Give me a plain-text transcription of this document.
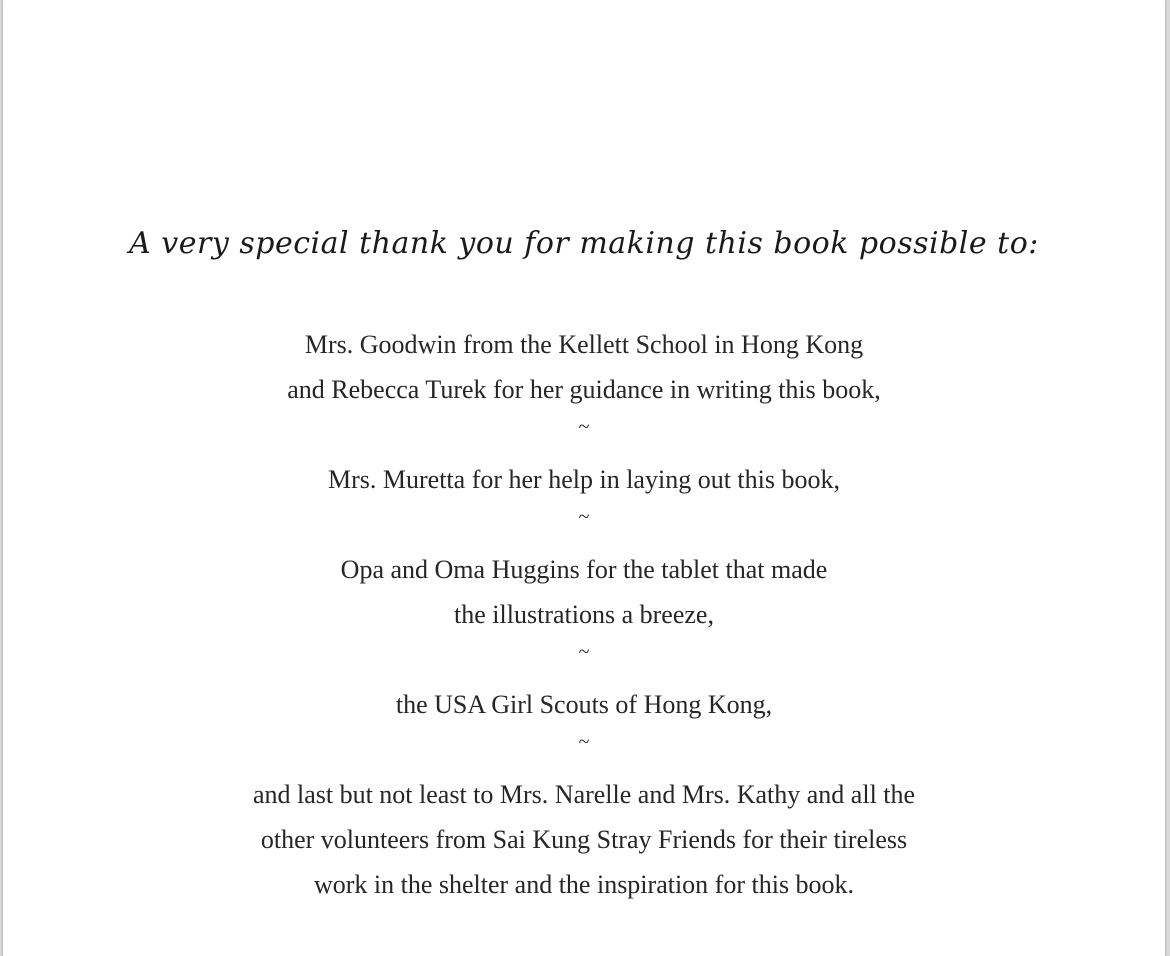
A very special thank you for making this book possible to:
Mrs. Goodwin from the Kellett School in Hong Kong
and Rebecca Turek for her guidance in writing this book,
~
Mrs. Muretta for her help in laying out this book,
~
Opa and Oma Huggins for the tablet that made
the illustrations a breeze,
~
the USA Girl Scouts of Hong Kong,
~
and last but not least to Mrs. Narelle and Mrs. Kathy and all the
other volunteers from Sai Kung Stray Friends for their tireless
work in the shelter and the inspiration for this book.
